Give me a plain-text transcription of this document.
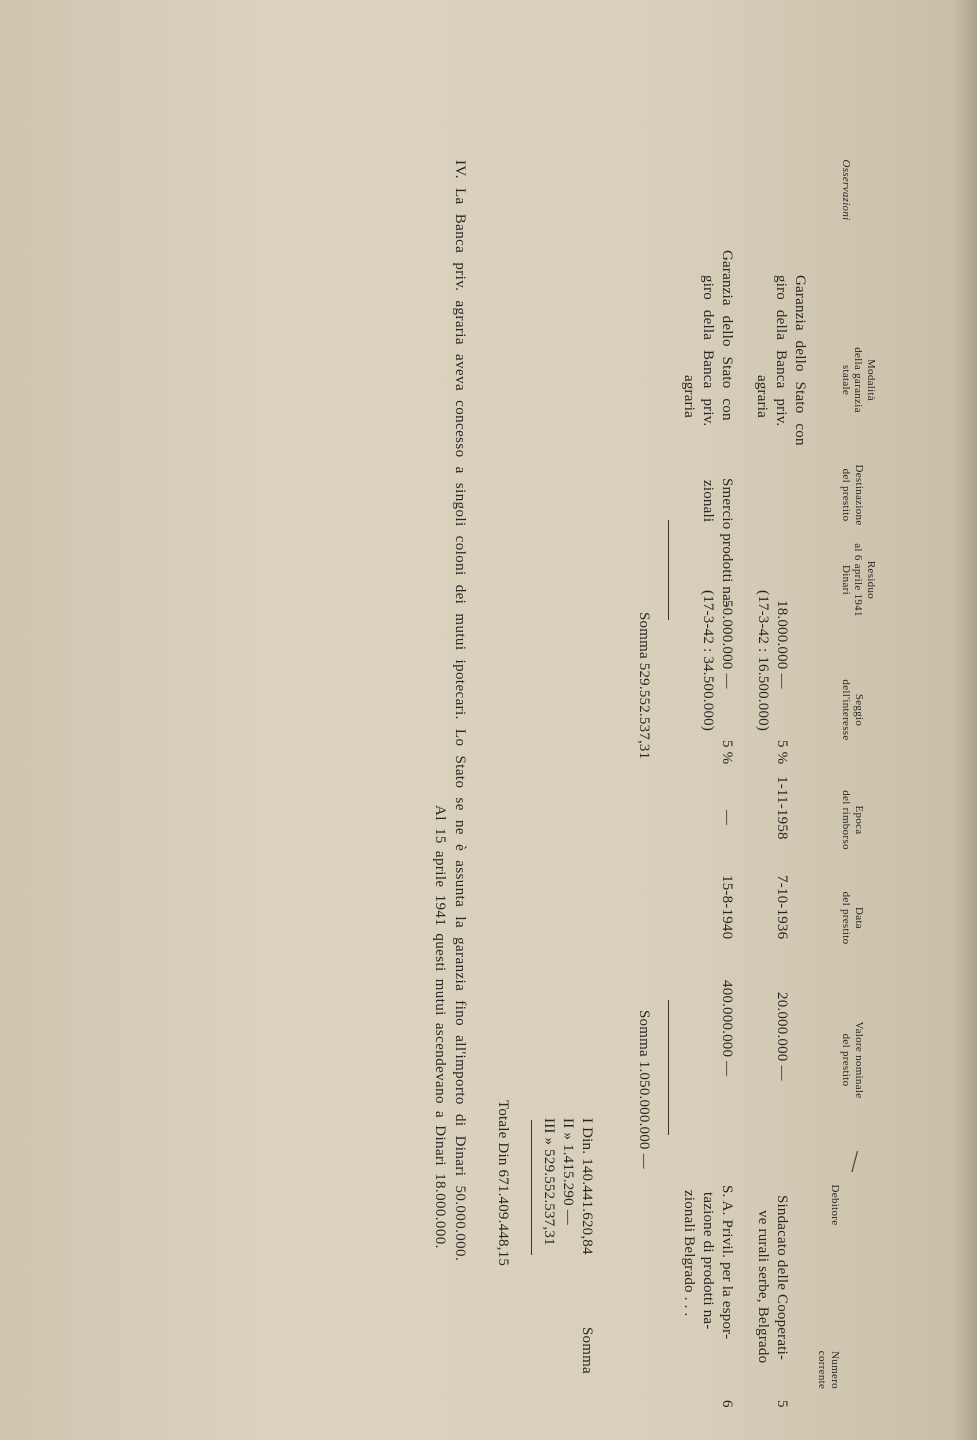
Numero
corrente
Debitore
Valore nominale
del prestito
Data
del prestito
Epoca
del rimborso
Seggio
dell'interesse
Residuo
al 6 aprile 1941
Dinari
Destinazione
del prestito
Modalità
della garanzia
statale
Osservazioni
|
5
Sindacato delle Cooperati-
ve rurali serbe, Belgrado
20.000.000 —
7-10-1936
1-11-1958
5 %
18.000.000 —
(17-3-42 : 16.500.000)
Garanzia dello Stato con
giro della Banca priv.
agraria
6
S. A. Privil. per la espor-
tazione di prodotti na-
zionali Belgrado . . .
400.000.000 —
15-8-1940
—
5 %
50.000.000 —
(17-3-42 : 34.500.000)
Smercio prodotti na-
zionali
Garanzia dello Stato con
giro della Banca priv.
agraria
Somma 1.050.000.000 —
Somma 529.552.537,31
Somma
I Din. 140.441.620,84
II » 1.415.290 —
III » 529.552.537,31
Totale Din 671.409.448,15
IV. La Banca priv. agraria aveva concesso a singoli coloni dei mutui ipotecari. Lo Stato se ne è assunta la garanzia fino all'importo di Dinari 50.000.000.
Al 15 aprile 1941 questi mutui ascendevano a Dinari 18.000.000.
